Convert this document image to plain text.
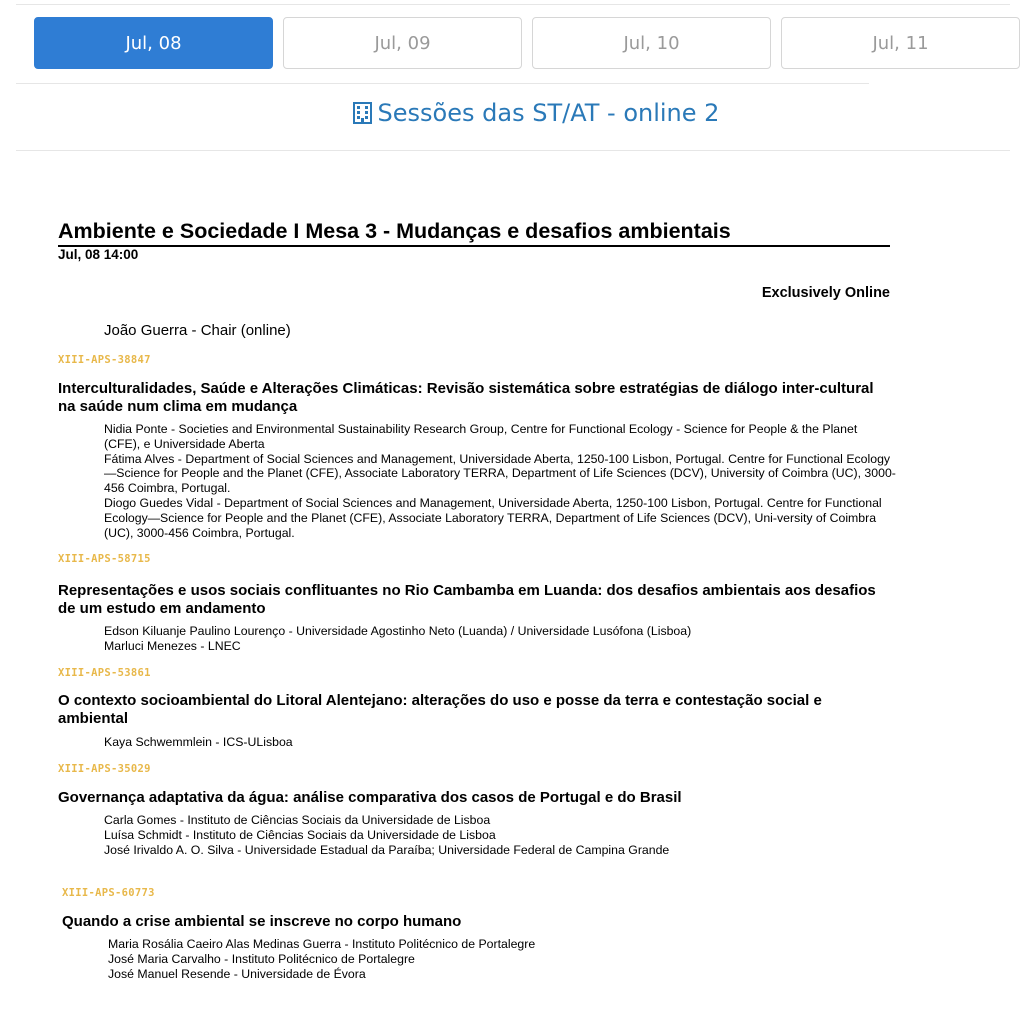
Jul, 08	Jul, 09	Jul, 10	Jul, 11
Sessões das ST/AT - online 2
Ambiente e Sociedade I Mesa 3 - Mudanças e desafios ambientais
Jul, 08 14:00
Exclusively Online
João Guerra - Chair (online)
XIII-APS-38847
Interculturalidades, Saúde e Alterações Climáticas: Revisão sistemática sobre estratégias de diálogo inter-cultural na saúde num clima em mudança
Nidia Ponte - Societies and Environmental Sustainability Research Group, Centre for Functional Ecology - Science for People & the Planet (CFE), e Universidade Aberta
Fátima Alves - Department of Social Sciences and Management, Universidade Aberta, 1250-100 Lisbon, Portugal. Centre for Functional Ecology—Science for People and the Planet (CFE), Associate Laboratory TERRA, Department of Life Sciences (DCV), University of Coimbra (UC), 3000-456 Coimbra, Portugal.
Diogo Guedes Vidal - Department of Social Sciences and Management, Universidade Aberta, 1250-100 Lisbon, Portugal. Centre for Functional Ecology—Science for People and the Planet (CFE), Associate Laboratory TERRA, Department of Life Sciences (DCV), Uni-versity of Coimbra (UC), 3000-456 Coimbra, Portugal.
XIII-APS-58715
Representações e usos sociais conflituantes no Rio Cambamba em Luanda: dos desafios ambientais aos desafios de um estudo em andamento
Edson Kiluanje Paulino Lourenço - Universidade Agostinho Neto (Luanda) / Universidade Lusófona (Lisboa)
Marluci Menezes - LNEC
XIII-APS-53861
O contexto socioambiental do Litoral Alentejano: alterações do uso e posse da terra e contestação social e ambiental
Kaya Schwemmlein - ICS-ULisboa
XIII-APS-35029
Governança adaptativa da água: análise comparativa dos casos de Portugal e do Brasil
Carla Gomes - Instituto de Ciências Sociais da Universidade de Lisboa
Luísa Schmidt - Instituto de Ciências Sociais da Universidade de Lisboa
José Irivaldo A. O. Silva - Universidade Estadual da Paraíba; Universidade Federal de Campina Grande
XIII-APS-60773
Quando a crise ambiental se inscreve no corpo humano
Maria Rosália Caeiro Alas Medinas Guerra - Instituto Politécnico de Portalegre
José Maria Carvalho - Instituto Politécnico de Portalegre
José Manuel Resende - Universidade de Évora
